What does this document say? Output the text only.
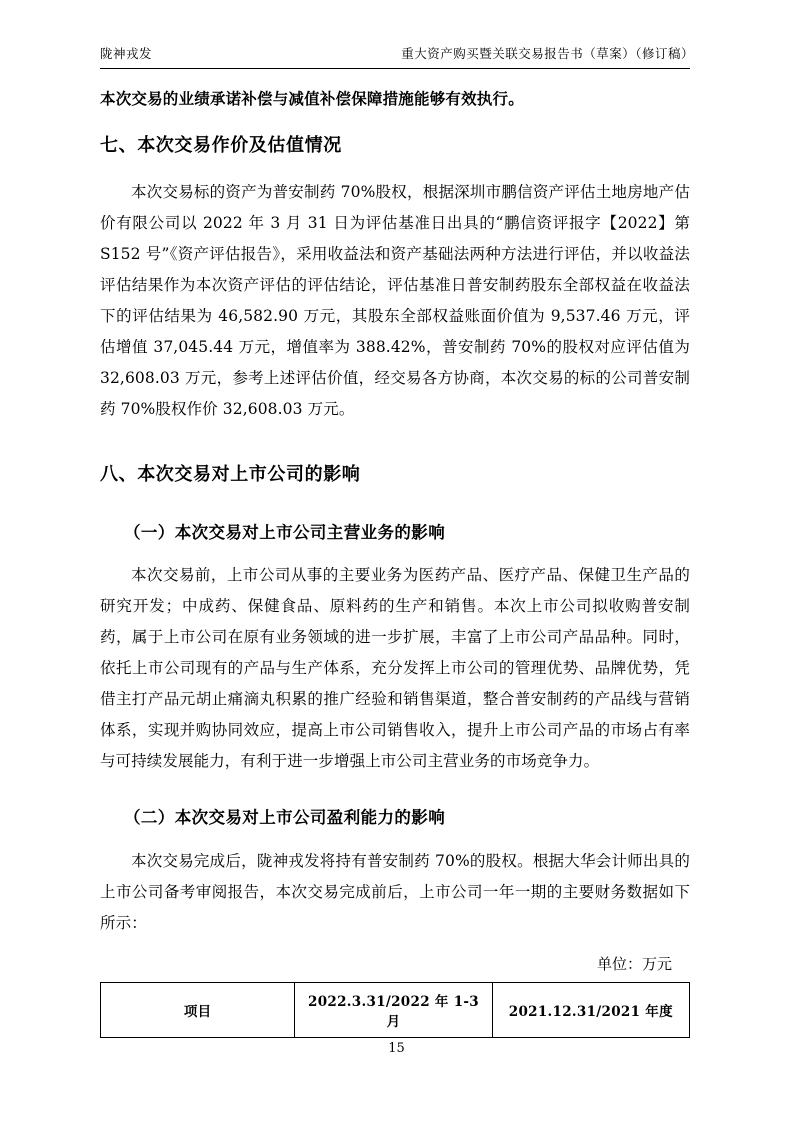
陇神戎发	重大资产购买暨关联交易报告书（草案）（修订稿）

本次交易的业绩承诺补偿与减值补偿保障措施能够有效执行。

七、本次交易作价及估值情况

本次交易标的资产为普安制药 70%股权，根据深圳市鹏信资产评估土地房地产估价有限公司以 2022 年 3 月 31 日为评估基准日出具的“鹏信资评报字【2022】第 S152 号”《资产评估报告》，采用收益法和资产基础法两种方法进行评估，并以收益法评估结果作为本次资产评估的评估结论，评估基准日普安制药股东全部权益在收益法下的评估结果为 46,582.90 万元，其股东全部权益账面价值为 9,537.46 万元，评估增值 37,045.44 万元，增值率为 388.42%，普安制药 70%的股权对应评估值为 32,608.03 万元，参考上述评估价值，经交易各方协商，本次交易的标的公司普安制药 70%股权作价 32,608.03 万元。

八、本次交易对上市公司的影响
（一）本次交易对上市公司主营业务的影响

本次交易前，上市公司从事的主要业务为医药产品、医疗产品、保健卫生产品的研究开发；中成药、保健食品、原料药的生产和销售。本次上市公司拟收购普安制药，属于上市公司在原有业务领域的进一步扩展，丰富了上市公司产品品种。同时，依托上市公司现有的产品与生产体系，充分发挥上市公司的管理优势、品牌优势，凭借主打产品元胡止痛滴丸积累的推广经验和销售渠道，整合普安制药的产品线与营销体系，实现并购协同效应，提高上市公司销售收入，提升上市公司产品的市场占有率与可持续发展能力，有利于进一步增强上市公司主营业务的市场竞争力。

（二）本次交易对上市公司盈利能力的影响

本次交易完成后，陇神戎发将持有普安制药 70%的股权。根据大华会计师出具的上市公司备考审阅报告，本次交易完成前后，上市公司一年一期的主要财务数据如下所示：

单位：万元
项目	2022.3.31/2022 年 1-3 月	2021.12.31/2021 年度
15
